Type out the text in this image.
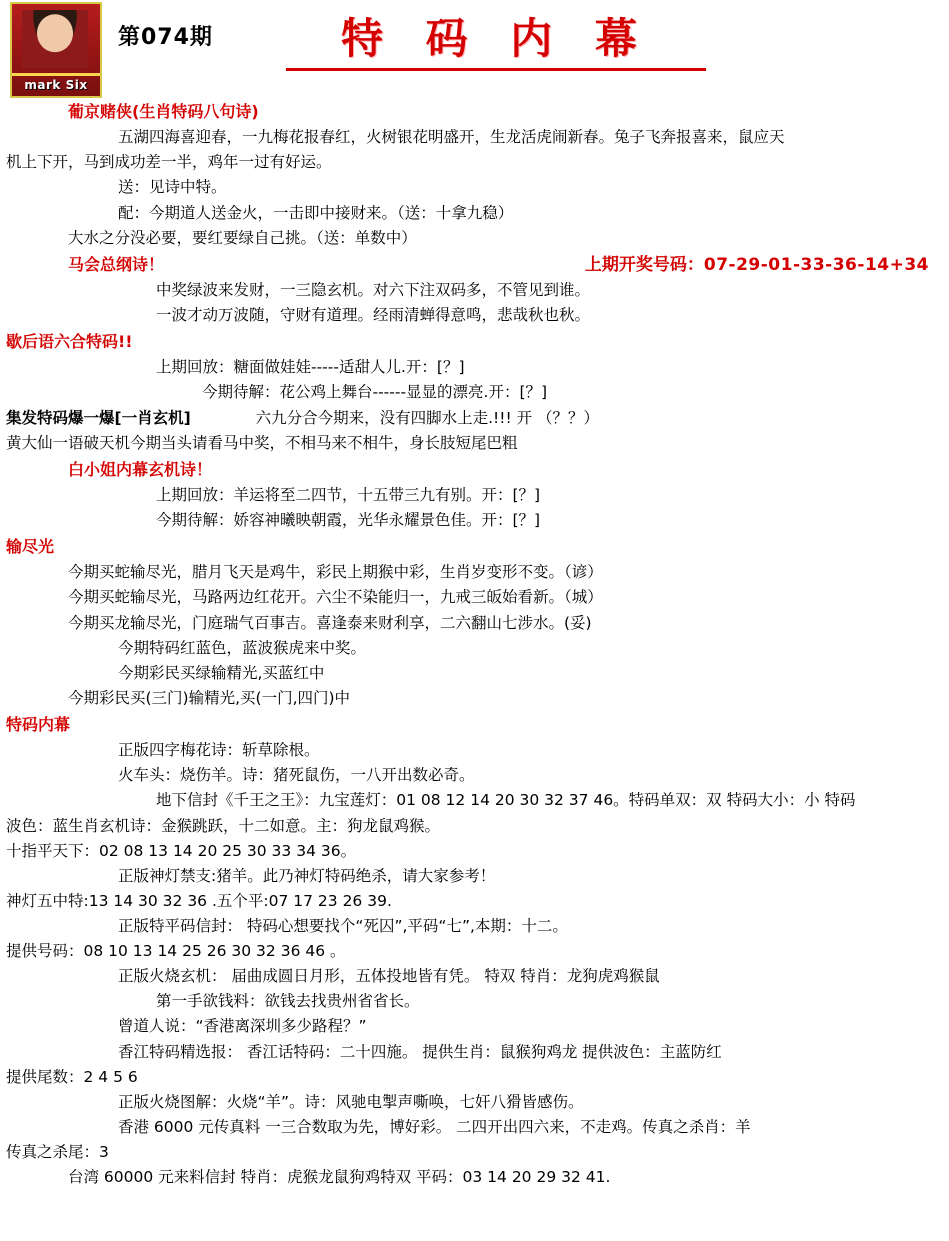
mark Six
第074期	特 码 内 幕
葡京赌侠(生肖特码八句诗)
五湖四海喜迎春，一九梅花报春红，火树银花明盛开，生龙活虎闹新春。兔子飞奔报喜来，鼠应天
机上下开，马到成功差一半，鸡年一过有好运。
送：见诗中特。
配：今期道人送金火，一击即中接财来。（送：十拿九稳）
大水之分没必要，要红要绿自己挑。（送：单数中）
上期开奖号码：07-29-01-33-36-14+34
马会总纲诗！
中奖绿波来发财，一三隐玄机。对六下注双码多，不管见到谁。
一波才动万波随，守财有道理。经雨清蝉得意鸣，悲哉秋也秋。
歇后语六合特码!!
上期回放：糖面做娃娃-----适甜人儿.开：[？]
今期待解：花公鸡上舞台------显显的漂亮.开：[？]
集发特码爆一爆[一肖玄机]	六九分合今期来，没有四脚水上走.!!! 开 （？？）
黄大仙一语破天机今期当头请看马中奖，不相马来不相牛，身长肢短尾巴粗
白小姐内幕玄机诗！
上期回放：羊运将至二四节，十五带三九有别。开：[？]
今期待解：娇容神曦映朝霞，光华永耀景色佳。开：[？]
输尽光
今期买蛇输尽光，腊月飞天是鸡牛，彩民上期猴中彩，生肖岁变形不变。（谚）
今期买蛇输尽光，马路两边红花开。六尘不染能归一，九戒三皈始看新。（城）
今期买龙输尽光，门庭瑞气百事吉。喜逢泰来财利享，二六翻山七涉水。(妥)
今期特码红蓝色，蓝波猴虎来中奖。
今期彩民买绿输精光,买蓝红中
今期彩民买(三门)输精光,买(一门,四门)中
特码内幕
正版四字梅花诗：斩草除根。
火车头：烧伤羊。诗：猪死鼠伤，一八开出数必奇。
地下信封《千王之王》：九宝莲灯：01 08 12 14 20 30 32 37 46。特码单双：双 特码大小：小 特码
波色：蓝生肖玄机诗：金猴跳跃，十二如意。主：狗龙鼠鸡猴。
十指平天下：02 08 13 14 20 25 30 33 34 36。
正版神灯禁支:猪羊。此乃神灯特码绝杀，请大家参考！
神灯五中特:13 14 30 32 36 .五个平:07 17 23 26 39.
正版特平码信封： 特码心想要找个“死囚”,平码“七”,本期：十二。
提供号码：08 10 13 14 25 26 30 32 36 46 。
正版火烧玄机： 届曲成圆日月形，五体投地皆有凭。 特双 特肖：龙狗虎鸡猴鼠
第一手欲钱料：欲钱去找贵州省省长。
曾道人说：“香港离深圳多少路程？”
香江特码精选报： 香江话特码：二十四施。 提供生肖：鼠猴狗鸡龙 提供波色：主蓝防红
提供尾数：2 4 5 6
正版火烧图解：火烧“羊”。诗：风驰电掣声嘶唤，七奸八猾皆感伤。
香港 6000 元传真料 一三合数取为先，博好彩。 二四开出四六来，不走鸡。传真之杀肖：羊
传真之杀尾：3
台湾 60000 元来料信封 特肖：虎猴龙鼠狗鸡特双 平码：03 14 20 29 32 41.
